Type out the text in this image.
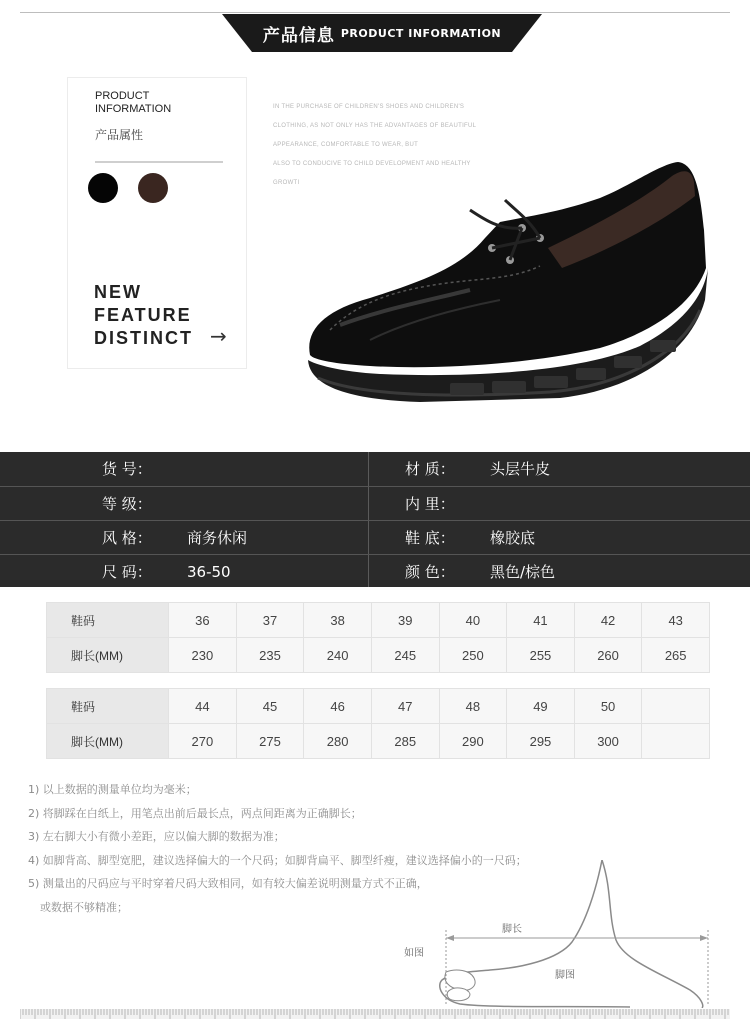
产品信息 PRODUCT INFORMATION
PRODUCT
INFORMATION
产品属性
NEW
FEATURE
DISTINCT →
IN THE PURCHASE OF CHILDREN'S SHOES AND CHILDREN'S
CLOTHING, AS NOT ONLY HAS THE ADVANTAGES OF BEAUTIFUL
APPEARANCE, COMFORTABLE TO WEAR, BUT
ALSO TO CONDUCIVE TO CHILD DEVELOPMENT AND HEALTHY
GROWTI
货 号：	材 质：	头层牛皮
等 级：	内 里：
风 格：	商务休闲	鞋 底：	橡胶底
尺 码：	36-50	颜 色：	黑色/棕色
鞋码	36	37	38	39	40	41	42	43
脚长(MM)	230	235	240	245	250	255	260	265
鞋码	44	45	46	47	48	49	50	
脚长(MM)	270	275	280	285	290	295	300	
1) 以上数据的测量单位均为毫米；
2) 将脚踩在白纸上，用笔点出前后最长点，两点间距离为正确脚长；
3) 左右脚大小有微小差距，应以偏大脚的数据为准；
4) 如脚背高、脚型宽肥，建议选择偏大的一个尺码；如脚背扁平、脚型纤瘦，建议选择偏小的一尺码；
5) 测量出的尺码应与平时穿着尺码大致相同，如有较大偏差说明测量方式不正确，
或数据不够精准；
脚长
如图
脚图
